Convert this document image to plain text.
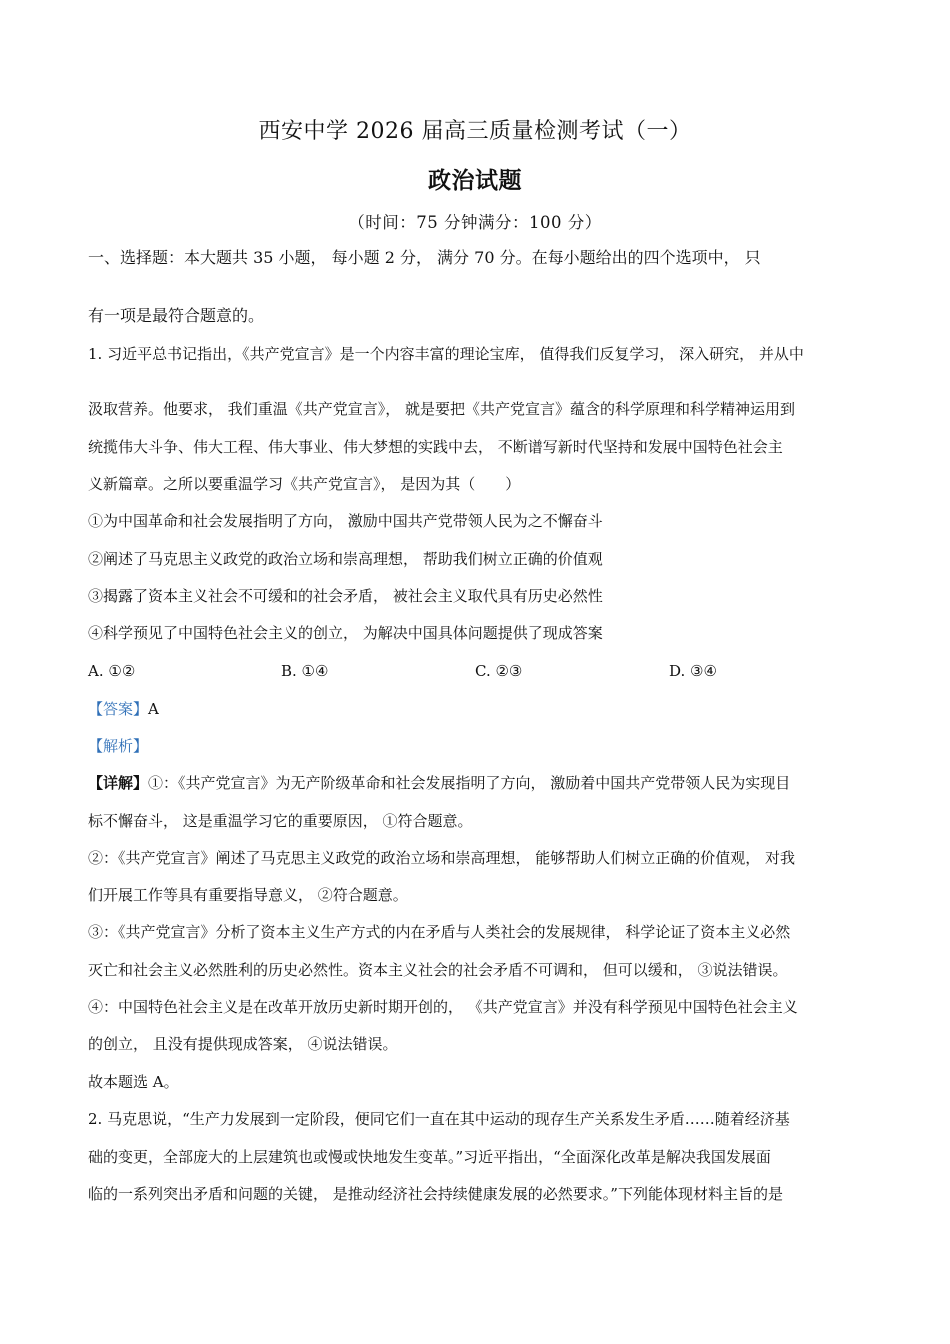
西安中学 2026 届高三质量检测考试（一）
政治试题
（时间：75 分钟满分：100 分）
一、选择题：本大题共 35 小题， 每小题 2 分， 满分 70 分。在每小题给出的四个选项中， 只
有一项是最符合题意的。
1. 习近平总书记指出，《共产党宣言》是一个内容丰富的理论宝库， 值得我们反复学习， 深入研究， 并从中
汲取营养。他要求， 我们重温《共产党宣言》， 就是要把《共产党宣言》蕴含的科学原理和科学精神运用到
统揽伟大斗争、伟大工程、伟大事业、伟大梦想的实践中去， 不断谱写新时代坚持和发展中国特色社会主
义新篇章。之所以要重温学习《共产党宣言》， 是因为其（　　）
①为中国革命和社会发展指明了方向， 激励中国共产党带领人民为之不懈奋斗
②阐述了马克思主义政党的政治立场和崇高理想， 帮助我们树立正确的价值观
③揭露了资本主义社会不可缓和的社会矛盾， 被社会主义取代具有历史必然性
④科学预见了中国特色社会主义的创立， 为解决中国具体问题提供了现成答案
A. ①②	B. ①④	C. ②③	D. ③④
【答案】A
【解析】
【详解】①：《共产党宣言》为无产阶级革命和社会发展指明了方向， 激励着中国共产党带领人民为实现目
标不懈奋斗， 这是重温学习它的重要原因， ①符合题意。
②：《共产党宣言》阐述了马克思主义政党的政治立场和崇高理想， 能够帮助人们树立正确的价值观， 对我
们开展工作等具有重要指导意义， ②符合题意。
③：《共产党宣言》分析了资本主义生产方式的内在矛盾与人类社会的发展规律， 科学论证了资本主义必然
灭亡和社会主义必然胜利的历史必然性。资本主义社会的社会矛盾不可调和， 但可以缓和， ③说法错误。
④：中国特色社会主义是在改革开放历史新时期开创的， 《共产党宣言》并没有科学预见中国特色社会主义
的创立， 且没有提供现成答案， ④说法错误。
故本题选 A。
2. 马克思说，“生产力发展到一定阶段，便同它们一直在其中运动的现存生产关系发生矛盾……随着经济基
础的变更，全部庞大的上层建筑也或慢或快地发生变革。”习近平指出，“全面深化改革是解决我国发展面
临的一系列突出矛盾和问题的关键， 是推动经济社会持续健康发展的必然要求。”下列能体现材料主旨的是
